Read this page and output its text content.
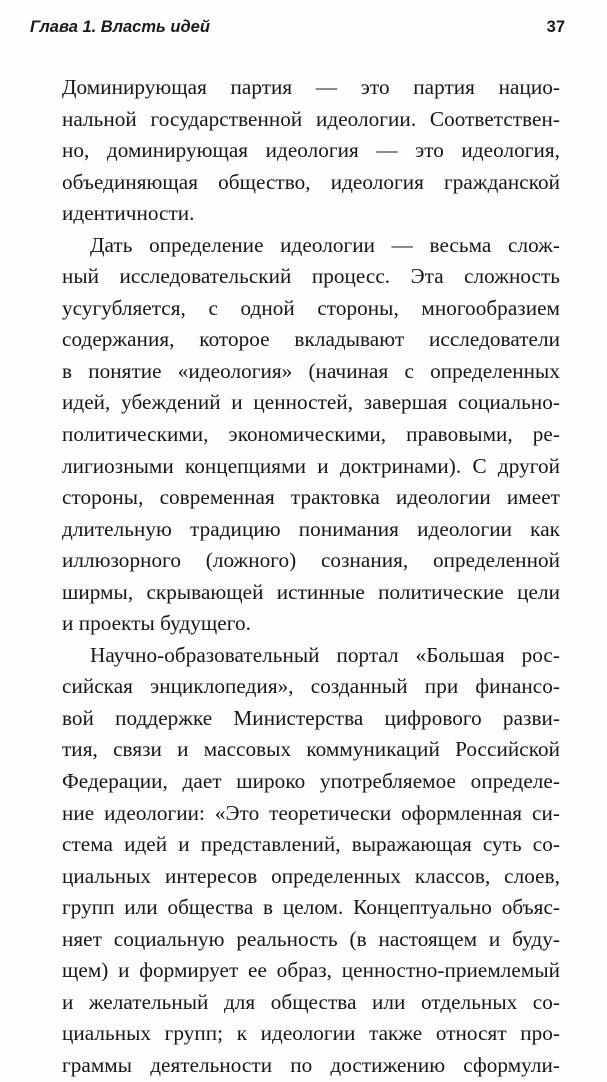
Глава 1. Власть идей	37
Доминирующая партия — это партия нацио-
нальной государственной идеологии. Соответствен-
но, доминирующая идеология — это идеология,
объединяющая общество, идеология гражданской
идентичности.
Дать определение идеологии — весьма слож-
ный исследовательский процесс. Эта сложность
усугубляется, с одной стороны, многообразием
содержания, которое вкладывают исследователи
в понятие «идеология» (начиная с определенных
идей, убеждений и ценностей, завершая социально-
политическими, экономическими, правовыми, ре-
лигиозными концепциями и доктринами). С другой
стороны, современная трактовка идеологии имеет
длительную традицию понимания идеологии как
иллюзорного (ложного) сознания, определенной
ширмы, скрывающей истинные политические цели
и проекты будущего.
Научно-образовательный портал «Большая рос-
сийская энциклопедия», созданный при финансо-
вой поддержке Министерства цифрового разви-
тия, связи и массовых коммуникаций Российской
Федерации, дает широко употребляемое определе-
ние идеологии: «Это теоретически оформленная си-
стема идей и представлений, выражающая суть со-
циальных интересов определенных классов, слоев,
групп или общества в целом. Концептуально объяс-
няет социальную реальность (в настоящем и буду-
щем) и формирует ее образ, ценностно-приемлемый
и желательный для общества или отдельных со-
циальных групп; к идеологии также относят про-
граммы деятельности по достижению сформули-
